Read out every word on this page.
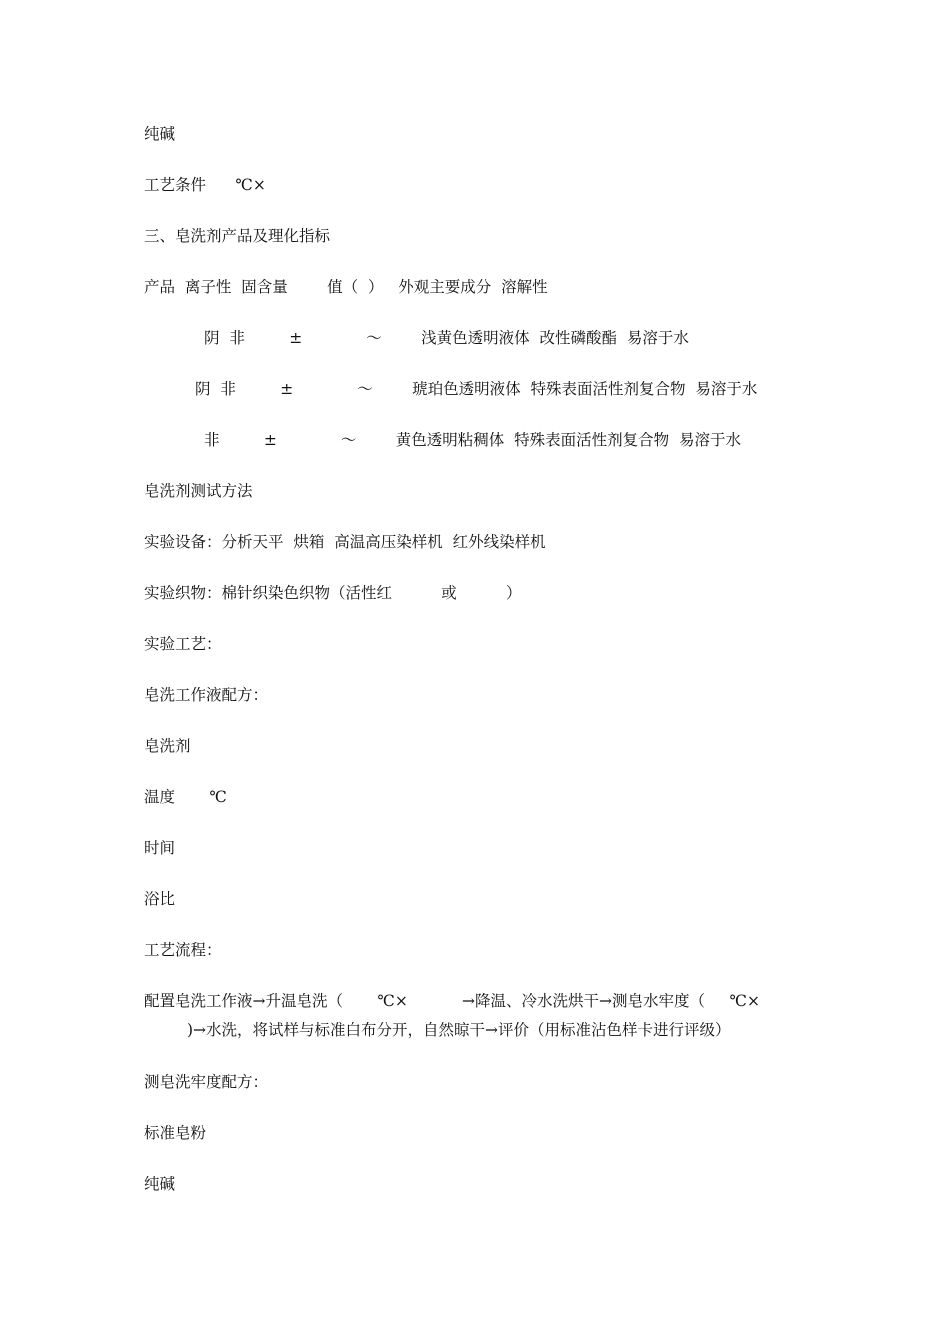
纯碱
工艺条件      ℃×
三、皂洗剂产品及理化指标
产品  离子性  固含量        值（  ）   外观主要成分  溶解性
阴  非         ±             ～        浅黄色透明液体  改性磷酸酯  易溶于水
阴  非         ±             ～        琥珀色透明液体  特殊表面活性剂复合物  易溶于水
非         ±             ～        黄色透明粘稠体  特殊表面活性剂复合物  易溶于水
皂洗剂测试方法
实验设备：分析天平  烘箱  高温高压染样机  红外线染样机
实验织物：棉针织染色织物（活性红          或          ）
实验工艺：
皂洗工作液配方：
皂洗剂
温度       ℃
时间
浴比
工艺流程：
配置皂洗工作液→升温皂洗（       ℃×           →降温、冷水洗烘干→测皂水牢度（     ℃×
)→水洗，将试样与标准白布分开，自然晾干→评价（用标准沾色样卡进行评级）
测皂洗牢度配方：
标准皂粉
纯碱
